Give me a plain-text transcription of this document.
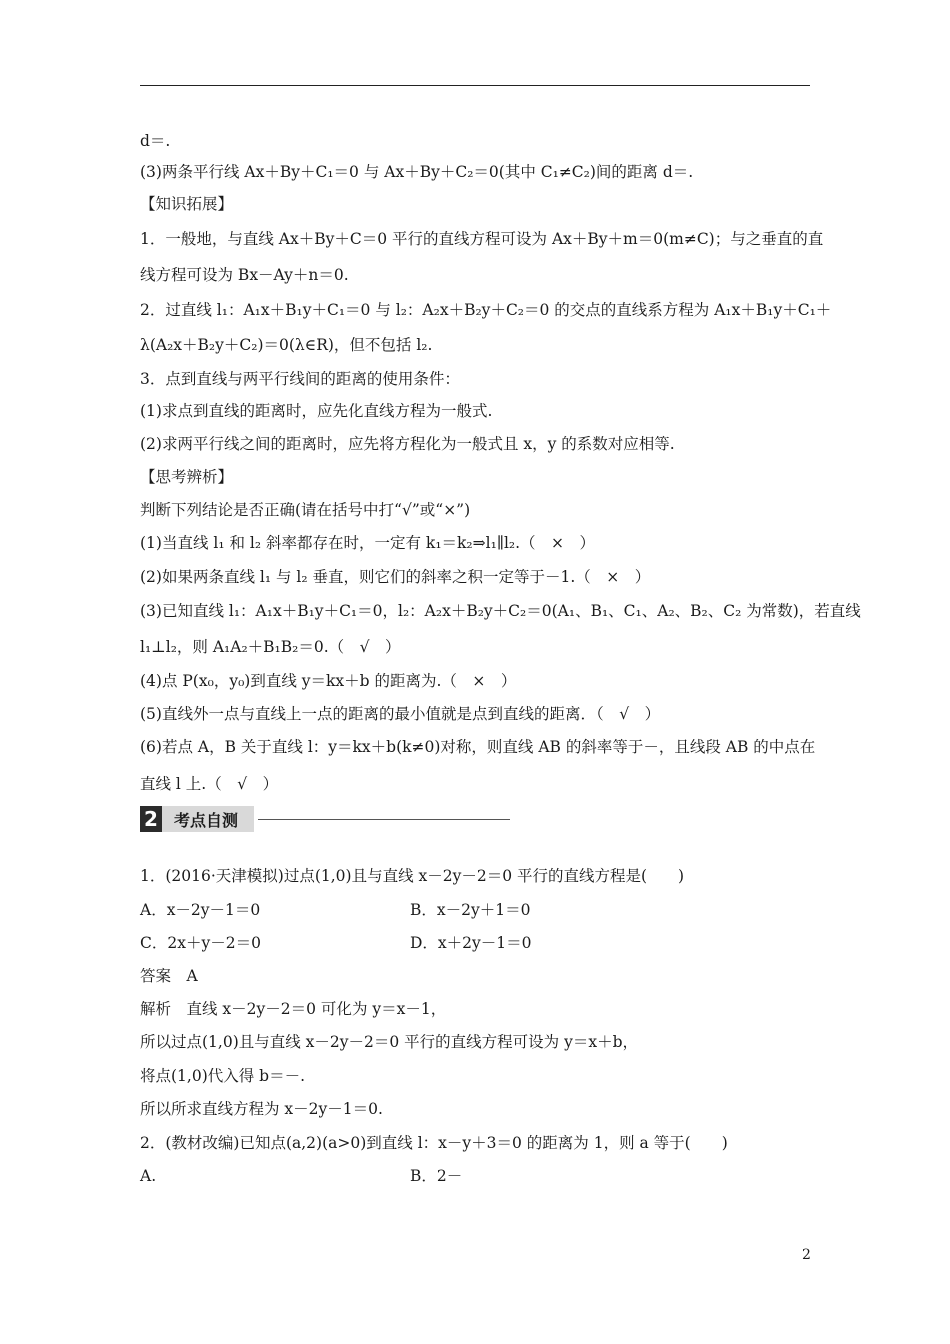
d＝.
(3)两条平行线 Ax＋By＋C₁＝0 与 Ax＋By＋C₂＝0(其中 C₁≠C₂)间的距离 d＝.
【知识拓展】
1．一般地，与直线 Ax＋By＋C＝0 平行的直线方程可设为 Ax＋By＋m＝0(m≠C)；与之垂直的直
线方程可设为 Bx－Ay＋n＝0.
2．过直线 l₁：A₁x＋B₁y＋C₁＝0 与 l₂：A₂x＋B₂y＋C₂＝0 的交点的直线系方程为 A₁x＋B₁y＋C₁＋
λ(A₂x＋B₂y＋C₂)＝0(λ∈R)，但不包括 l₂.
3．点到直线与两平行线间的距离的使用条件：
(1)求点到直线的距离时，应先化直线方程为一般式.
(2)求两平行线之间的距离时，应先将方程化为一般式且 x，y 的系数对应相等.
【思考辨析】
判断下列结论是否正确(请在括号中打“√”或“×”)
(1)当直线 l₁ 和 l₂ 斜率都存在时，一定有 k₁＝k₂⇒l₁∥l₂.（　×　）
(2)如果两条直线 l₁ 与 l₂ 垂直，则它们的斜率之积一定等于－1.（　×　）
(3)已知直线 l₁：A₁x＋B₁y＋C₁＝0，l₂：A₂x＋B₂y＋C₂＝0(A₁、B₁、C₁、A₂、B₂、C₂ 为常数)，若直线
l₁⊥l₂，则 A₁A₂＋B₁B₂＝0.（　√　）
(4)点 P(x₀，y₀)到直线 y＝kx＋b 的距离为.（　×　）
(5)直线外一点与直线上一点的距离的最小值就是点到直线的距离．（　√　）
(6)若点 A，B 关于直线 l：y＝kx＋b(k≠0)对称，则直线 AB 的斜率等于－，且线段 AB 的中点在
直线 l 上.（　√　）
2	考点自测
1．(2016·天津模拟)过点(1,0)且与直线 x－2y－2＝0 平行的直线方程是(　　)
A．x－2y－1＝0	B．x－2y＋1＝0
C．2x＋y－2＝0	D．x＋2y－1＝0
答案　A
解析　直线 x－2y－2＝0 可化为 y＝x－1，
所以过点(1,0)且与直线 x－2y－2＝0 平行的直线方程可设为 y＝x＋b，
将点(1,0)代入得 b＝－.
所以所求直线方程为 x－2y－1＝0.
2．(教材改编)已知点(a,2)(a>0)到直线 l：x－y＋3＝0 的距离为 1，则 a 等于(　　)
A.	B．2－
2
